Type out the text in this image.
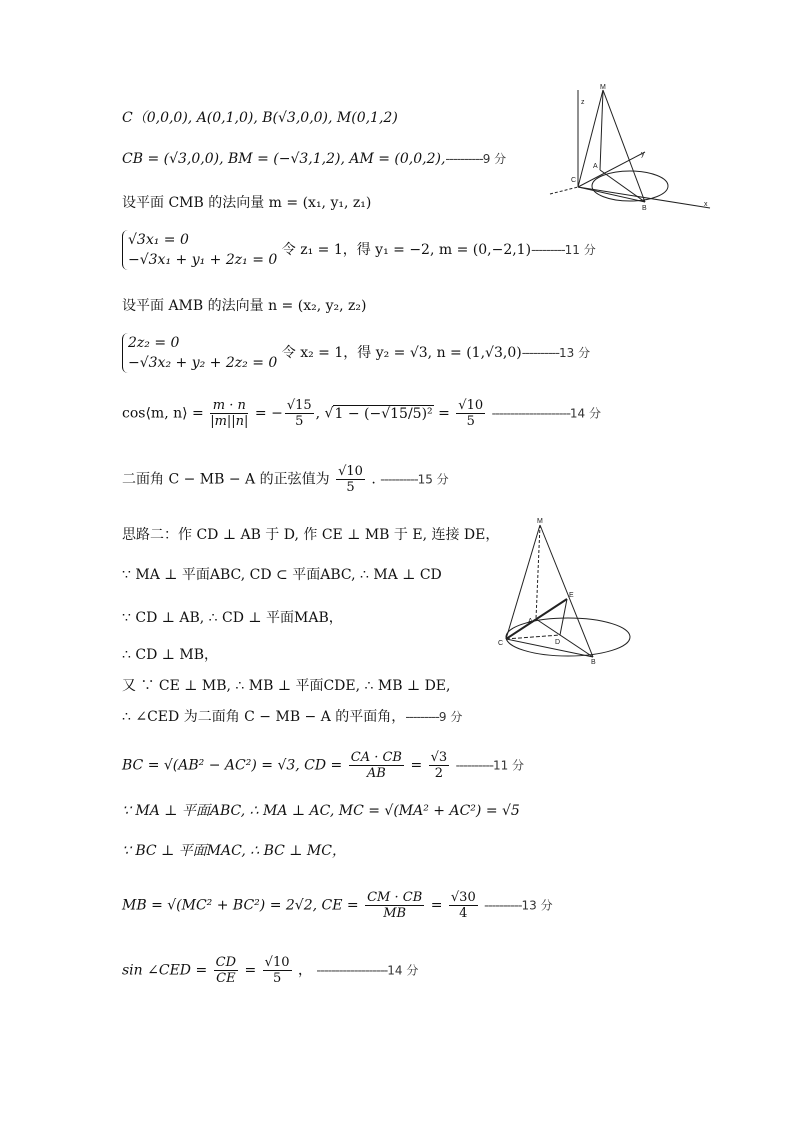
C（0,0,0), A(0,1,0), B(√3,0,0), M(0,1,2)
CB = (√3,0,0), BM = (−√3,1,2), AM = (0,0,2),----------9 分
设平面 CMB 的法向量 m = (x₁, y₁, z₁)
√3x₁ = 0
−√3x₁ + y₁ + 2z₁ = 0
令 z₁ = 1，得 y₁ = −2, m = (0,−2,1)---------11 分
设平面 AMB 的法向量 n = (x₂, y₂, z₂)
2z₂ = 0
−√3x₂ + y₂ + 2z₂ = 0
令 x₂ = 1，得 y₂ = √3, n = (1,√3,0)----------13 分
cos⟨m, n⟩ = $\frac{m \cdot n}{|m||n|}$ = − $\frac{√15}{5}$ , $√1 - (-√15/5)^2 = \frac{√10}{5} ---------------------14$ 分
二面角 C − MB − A 的正弦值为 $\frac{√10}{5}$ . ----------15 分
思路二：作 CD ⊥ AB 于 D, 作 CE ⊥ MB 于 E, 连接 DE，
∵ MA ⊥ 平面ABC, CD ⊂ 平面ABC, ∴ MA ⊥ CD
∵ CD ⊥ AB, ∴ CD ⊥ 平面MAB，
∴ CD ⊥ MB，
又 ∵ CE ⊥ MB, ∴ MB ⊥ 平面CDE, ∴ MB ⊥ DE,
∴ ∠CED 为二面角 C − MB − A 的平面角，---------9 分
BC = √(AB² − AC²) = √3, CD = $\frac{CA \cdot CB}{AB} = \frac{√3}{2} ----------11$ 分
∵ MA ⊥ 平面ABC, ∴ MA ⊥ AC, MC = √(MA² + AC²) = √5
∵ BC ⊥ 平面MAC, ∴ BC ⊥ MC，
MB = √(MC² + BC²) = 2√2, CE = $\frac{CM \cdot CB}{MB} = \frac{√30}{4} ----------13$ 分
sin ∠CED = $\frac{CD}{CE} = \frac{√10}{5}$ ， -------------------14 分
M
z
y
A
C
B
x
M
E
A
C	D
B
